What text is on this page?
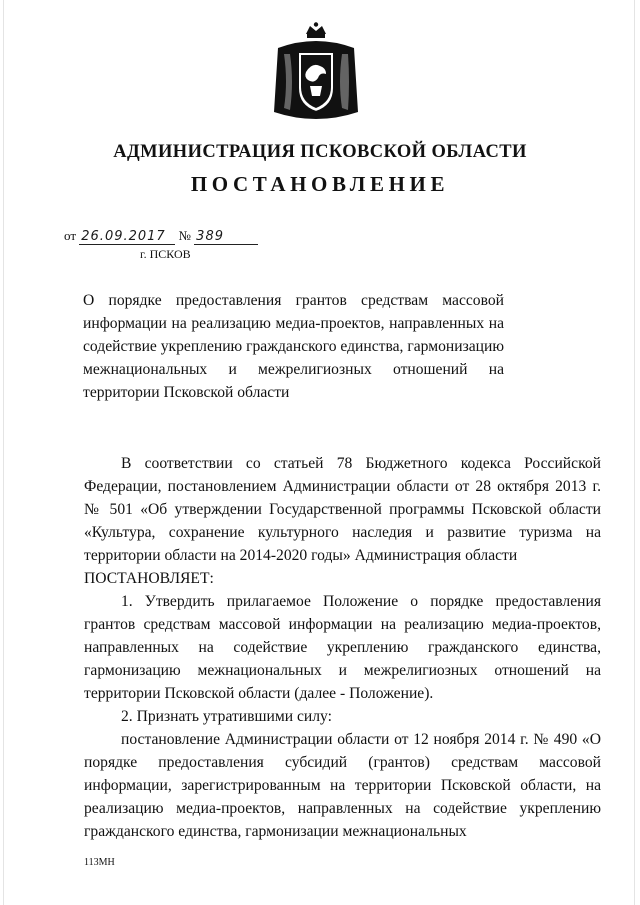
АДМИНИСТРАЦИЯ ПСКОВСКОЙ ОБЛАСТИ
ПОСТАНОВЛЕНИЕ
от 26.09.2017 № 389
г. ПСКОВ
О порядке предоставления грантов средствам массовой информации на реализацию медиа-проектов, направленных на содействие укреплению гражданского единства, гармонизацию межнациональных и межрелигиозных отношений на территории Псковской области

В соответствии со статьей 78 Бюджетного кодекса Российской Федерации, постановлением Администрации области от 28 октября 2013 г. № 501 «Об утверждении Государственной программы Псковской области «Культура, сохранение культурного наследия и развитие туризма на территории области на 2014-2020 годы» Администрация области

ПОСТАНОВЛЯЕТ:

1. Утвердить прилагаемое Положение о порядке предоставления грантов средствам массовой информации на реализацию медиа-проектов, направленных на содействие укреплению гражданского единства, гармонизацию межнациональных и межрелигиозных отношений на территории Псковской области (далее - Положение).

2. Признать утратившими силу:

постановление Администрации области от 12 ноября 2014 г. № 490 «О порядке предоставления субсидий (грантов) средствам массовой информации, зарегистрированным на территории Псковской области, на реализацию медиа-проектов, направленных на содействие укреплению гражданского единства, гармонизации межнациональных

113МН
